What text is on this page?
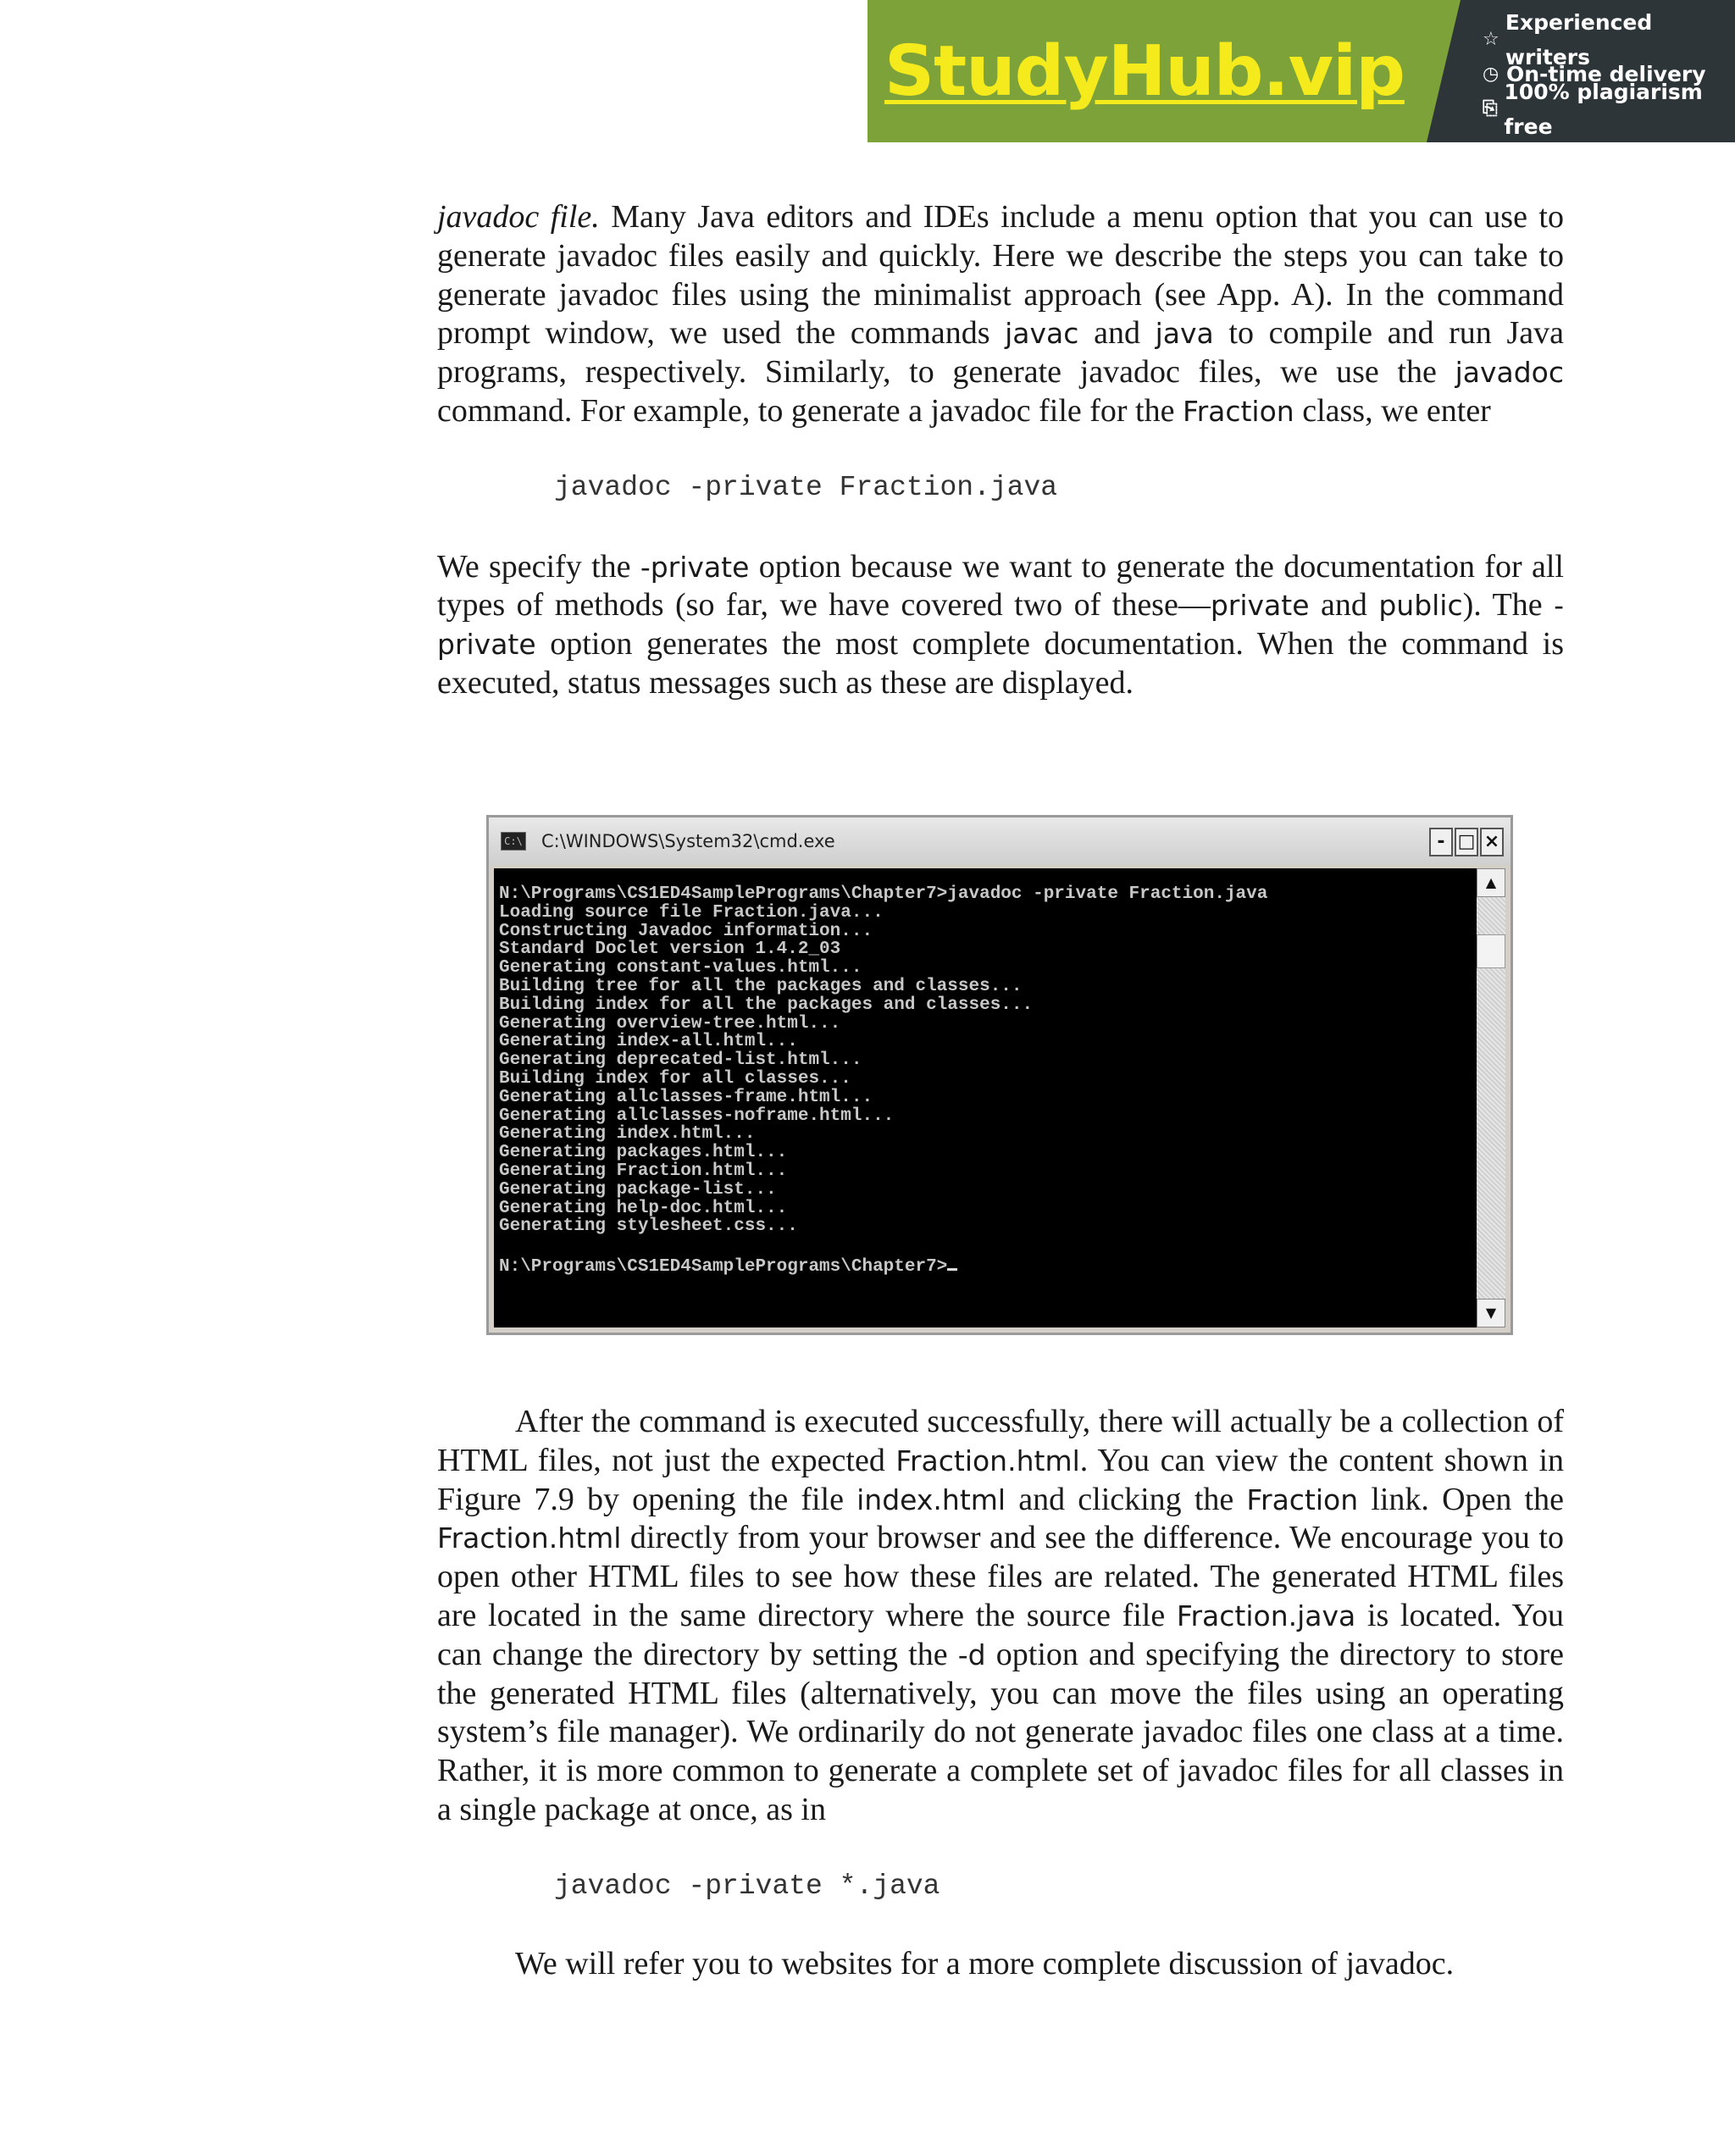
StudyHub.vip	☆
Experienced writers
◷ On-time delivery
⎘
100% plagiarism free

javadoc file. Many Java editors and IDEs include a menu option that you can use to generate javadoc files easily and quickly. Here we describe the steps you can take to generate javadoc files using the minimalist approach (see App. A). In the command prompt window, we used the commands javac and java to compile and run Java programs, respectively. Similarly, to generate javadoc files, we use the javadoc command. For example, to generate a javadoc file for the Fraction class, we enter

javadoc -private Fraction.java

We specify the -private option because we want to generate the documentation for all types of methods (so far, we have covered two of these—private and public). The -private option generates the most complete documentation. When the command is executed, status messages such as these are displayed.

C:\ C:\WINDOWS\System32\cmd.exe	- □ ×
N:\Programs\CS1ED4SamplePrograms\Chapter7>javadoc -private Fraction.java
Loading source file Fraction.java...
Constructing Javadoc information...
Standard Doclet version 1.4.2_03
Generating constant-values.html...
Building tree for all the packages and classes...
Building index for all the packages and classes...
Generating overview-tree.html...
Generating index-all.html...
Generating deprecated-list.html...
Building index for all classes...
Generating allclasses-frame.html...
Generating allclasses-noframe.html...
Generating index.html...
Generating packages.html...
Generating Fraction.html...
Generating package-list...
Generating help-doc.html...
Generating stylesheet.css...

N:\Programs\CS1ED4SamplePrograms\Chapter7>
▲
▼

After the command is executed successfully, there will actually be a collection of HTML files, not just the expected Fraction.html. You can view the content shown in Figure 7.9 by opening the file index.html and clicking the Fraction link. Open the Fraction.html directly from your browser and see the difference. We encourage you to open other HTML files to see how these files are related. The generated HTML files are located in the same directory where the source file Fraction.java is located. You can change the directory by setting the -d option and specifying the directory to store the generated HTML files (alternatively, you can move the files using an operating system’s file manager). We ordinarily do not generate javadoc files one class at a time. Rather, it is more common to generate a complete set of javadoc files for all classes in a single package at once, as in

javadoc -private *.java

We will refer you to websites for a more complete discussion of javadoc.
